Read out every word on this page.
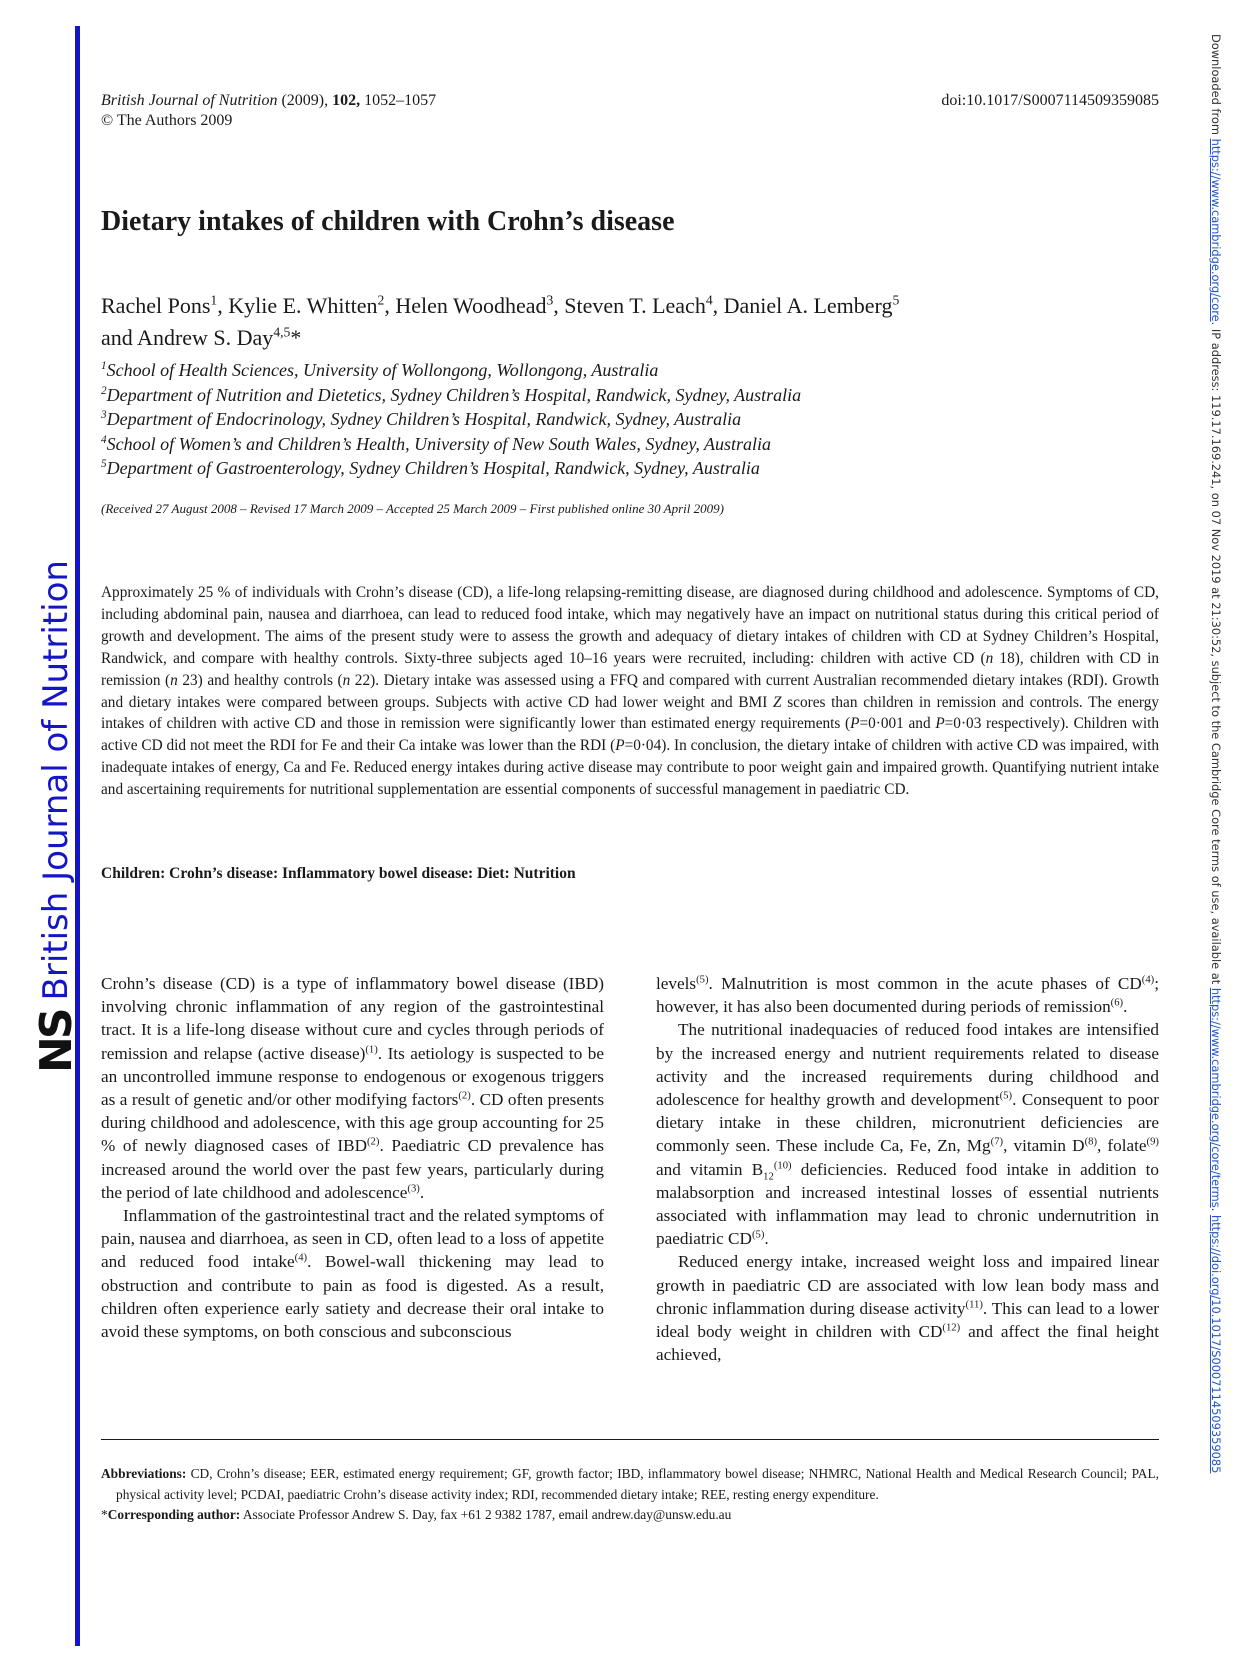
NS
British Journal of Nutrition
Downloaded from https://www.cambridge.org/core. IP address: 119.17.169.241, on 07 Nov 2019 at 21:30:52, subject to the Cambridge Core terms of use, available at https://www.cambridge.org/core/terms. https://doi.org/10.1017/S0007114509359085
British Journal of Nutrition (2009), 102, 1052–1057
© The Authors 2009
doi:10.1017/S0007114509359085
Dietary intakes of children with Crohn’s disease
Rachel Pons$^1$, Kylie E. Whitten$^2$, Helen Woodhead$^3$, Steven T. Leach$^4$, Daniel A. Lemberg$^5$
and Andrew S. Day$^{4,5}$*
$^1$School of Health Sciences, University of Wollongong, Wollongong, Australia
$^2$Department of Nutrition and Dietetics, Sydney Children’s Hospital, Randwick, Sydney, Australia
$^3$Department of Endocrinology, Sydney Children’s Hospital, Randwick, Sydney, Australia
$^4$School of Women’s and Children’s Health, University of New South Wales, Sydney, Australia
$^5$Department of Gastroenterology, Sydney Children’s Hospital, Randwick, Sydney, Australia
(Received 27 August 2008 – Revised 17 March 2009 – Accepted 25 March 2009 – First published online 30 April 2009)
Approximately 25 % of individuals with Crohn’s disease (CD), a life-long relapsing-remitting disease, are diagnosed during childhood and adolescence. Symptoms of CD, including abdominal pain, nausea and diarrhoea, can lead to reduced food intake, which may negatively have an impact on nutritional status during this critical period of growth and development. The aims of the present study were to assess the growth and adequacy of dietary intakes of children with CD at Sydney Children’s Hospital, Randwick, and compare with healthy controls. Sixty-three subjects aged 10–16 years were recruited, including: children with active CD (n 18), children with CD in remission (n 23) and healthy controls (n 22). Dietary intake was assessed using a FFQ and compared with current Australian recommended dietary intakes (RDI). Growth and dietary intakes were compared between groups. Subjects with active CD had lower weight and BMI Z scores than children in remission and controls. The energy intakes of children with active CD and those in remission were significantly lower than estimated energy requirements (P=0·001 and P=0·03 respectively). Children with active CD did not meet the RDI for Fe and their Ca intake was lower than the RDI (P=0·04). In conclusion, the dietary intake of children with active CD was impaired, with inadequate intakes of energy, Ca and Fe. Reduced energy intakes during active disease may contribute to poor weight gain and impaired growth. Quantifying nutrient intake and ascertaining requirements for nutritional supplementation are essential components of successful management in paediatric CD.
Children: Crohn’s disease: Inflammatory bowel disease: Diet: Nutrition

Crohn’s disease (CD) is a type of inflammatory bowel disease (IBD) involving chronic inflammation of any region of the gastrointestinal tract. It is a life-long disease without cure and cycles through periods of remission and relapse (active disease)$^{(1)}$. Its aetiology is suspected to be an uncontrolled immune response to endogenous or exogenous triggers as a result of genetic and/or other modifying factors$^{(2)}$. CD often presents during childhood and adolescence, with this age group accounting for 25 % of newly diagnosed cases of IBD$^{(2)}$. Paediatric CD prevalence has increased around the world over the past few years, particularly during the period of late childhood and adolescence$^{(3)}$.

Inflammation of the gastrointestinal tract and the related symptoms of pain, nausea and diarrhoea, as seen in CD, often lead to a loss of appetite and reduced food intake$^{(4)}$. Bowel-wall thickening may lead to obstruction and contribute to pain as food is digested. As a result, children often experience early satiety and decrease their oral intake to avoid these symptoms, on both conscious and subconscious

levels$^{(5)}$. Malnutrition is most common in the acute phases of CD$^{(4)}$; however, it has also been documented during periods of remission$^{(6)}$.

The nutritional inadequacies of reduced food intakes are intensified by the increased energy and nutrient requirements related to disease activity and the increased requirements during childhood and adolescence for healthy growth and development$^{(5)}$. Consequent to poor dietary intake in these children, micronutrient deficiencies are commonly seen. These include Ca, Fe, Zn, Mg$^{(7)}$, vitamin $D^{(8)}$, folate$^{(9)}$ and vitamin $B_{12}^{(10)}$ deficiencies. Reduced food intake in addition to malabsorption and increased intestinal losses of essential nutrients associated with inflammation may lead to chronic undernutrition in paediatric CD$^{(5)}$.

Reduced energy intake, increased weight loss and impaired linear growth in paediatric CD are associated with low lean body mass and chronic inflammation during disease activity$^{(11)}$. This can lead to a lower ideal body weight in children with CD$^{(12)}$ and affect the final height achieved,

Abbreviations: CD, Crohn’s disease; EER, estimated energy requirement; GF, growth factor; IBD, inflammatory bowel disease; NHMRC, National Health and Medical Research Council; PAL, physical activity level; PCDAI, paediatric Crohn’s disease activity index; RDI, recommended dietary intake; REE, resting energy expenditure.

*Corresponding author: Associate Professor Andrew S. Day, fax +61 2 9382 1787, email andrew.day@unsw.edu.au
